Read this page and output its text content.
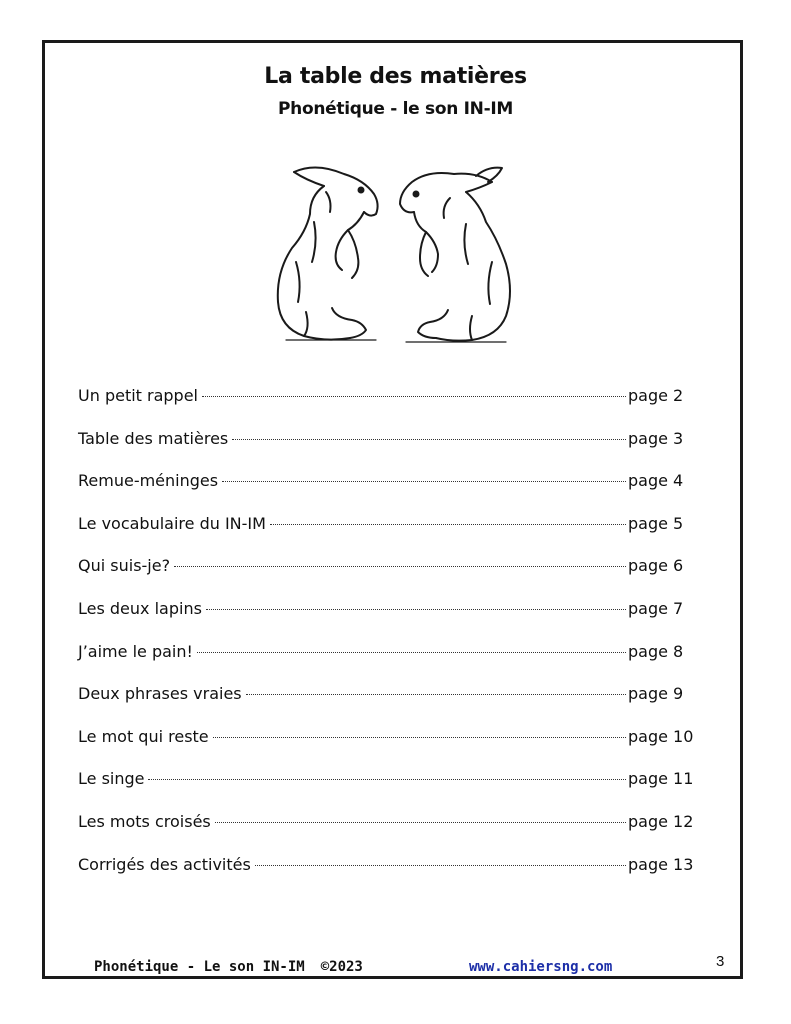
La table des matières
Phonétique - le son IN-IM
Un petit rappel	page 2
Table des matières	page 3
Remue-méninges	page 4
Le vocabulaire du IN-IM	page 5
Qui suis-je?	page 6
Les deux lapins	page 7
J’aime le pain!	page 8
Deux phrases vraies	page 9
Le mot qui reste	page 10
Le singe	page 11
Les mots croisés	page 12
Corrigés des activités	page 13
Phonétique - Le son IN-IM ©2023	www.cahiersng.com	3
